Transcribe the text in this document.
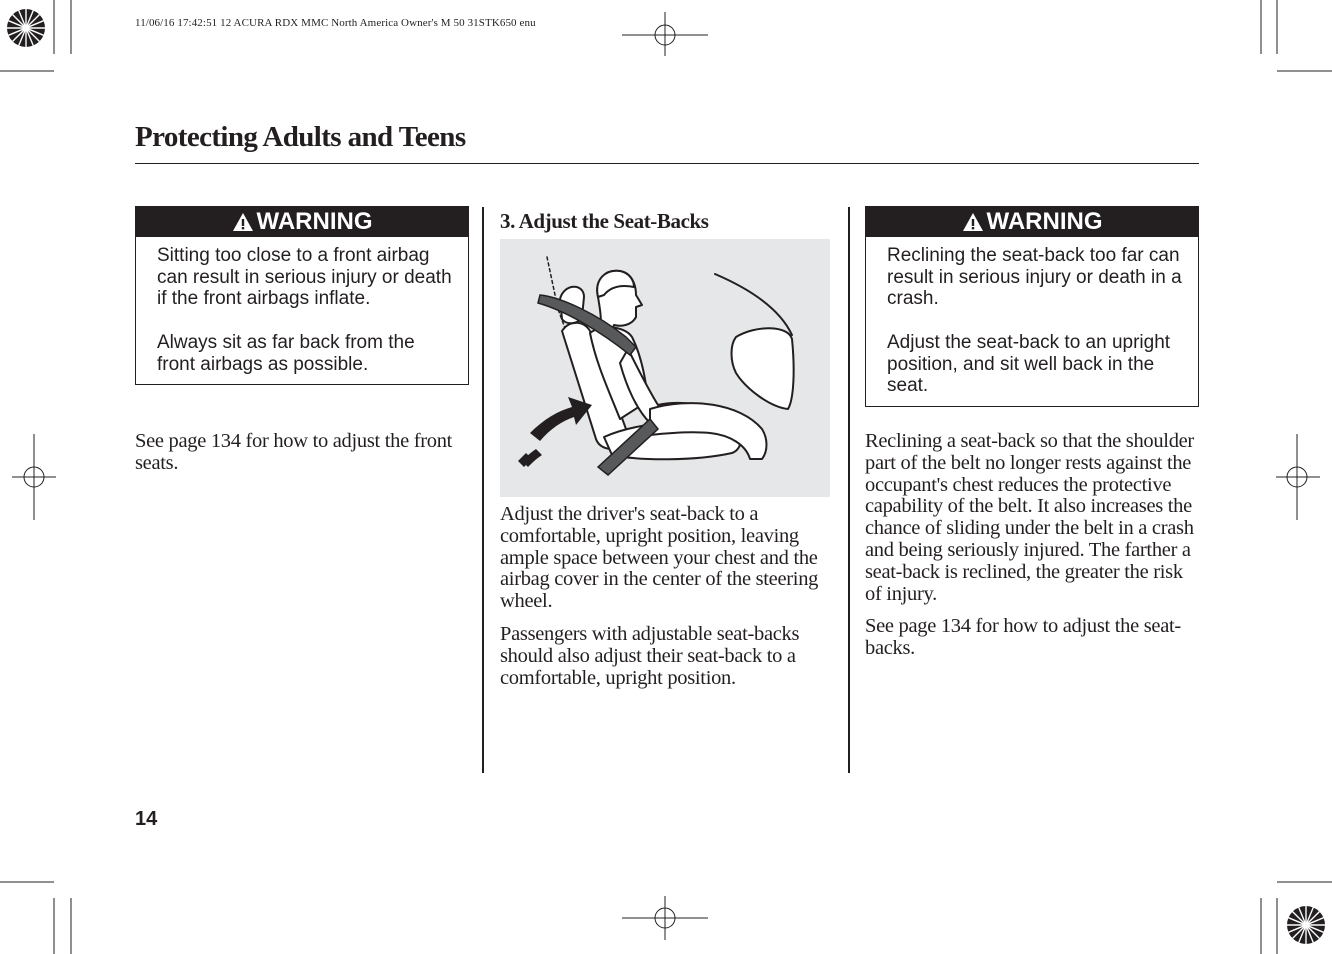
11/06/16 17:42:51 12 ACURA RDX MMC North America Owner's M 50 31STK650 enu
Protecting Adults and Teens
WARNING

Sitting too close to a front airbag can result in serious injury or death if the front airbags inflate.

Always sit as far back from the front airbags as possible.

See page 134 for how to adjust the front seats.

3. Adjust the Seat-Backs

Adjust the driver's seat-back to a comfortable, upright position, leaving ample space between your chest and the airbag cover in the center of the steering wheel.

Passengers with adjustable seat-backs should also adjust their seat-back to a comfortable, upright position.

WARNING

Reclining the seat-back too far can result in serious injury or death in a crash.

Adjust the seat-back to an upright position, and sit well back in the seat.

Reclining a seat-back so that the shoulder part of the belt no longer rests against the occupant's chest reduces the protective capability of the belt. It also increases the chance of sliding under the belt in a crash and being seriously injured. The farther a seat-back is reclined, the greater the risk of injury.

See page 134 for how to adjust the seat-backs.

14
